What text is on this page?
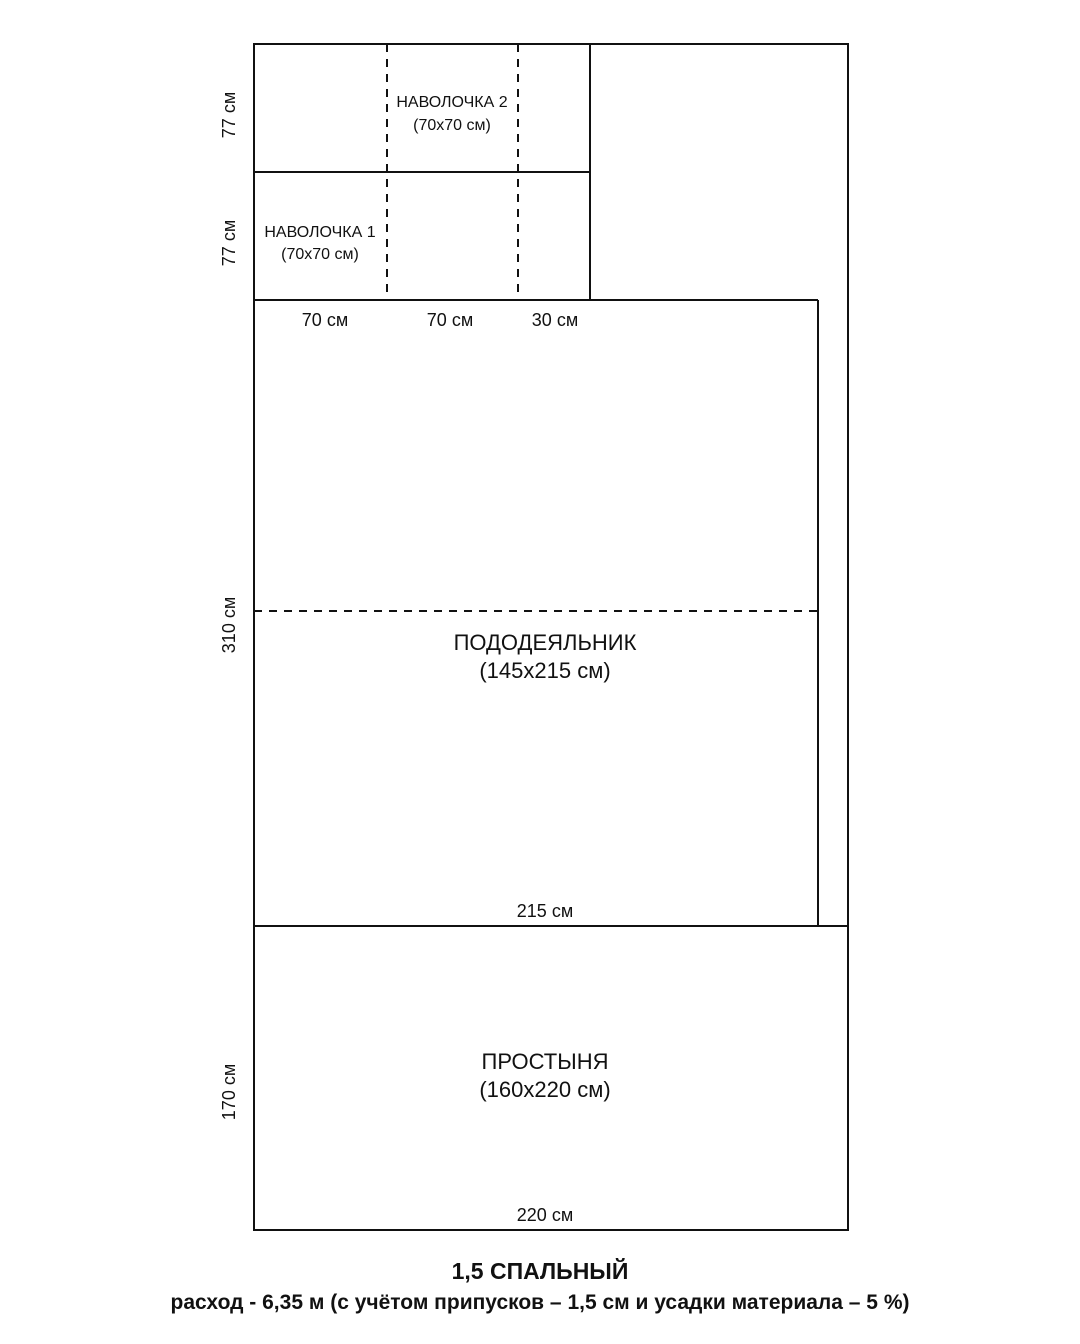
НАВОЛОЧКА 2
(70х70 см)
НАВОЛОЧКА 1
(70х70 см)
70 см	70 см	30 см
ПОДОДЕЯЛЬНИК
(145х215 см)
215 см
ПРОСТЫНЯ
(160х220 см)
220 см
77 см
77 см
310 см
170 см
1,5 СПАЛЬНЫЙ
расход - 6,35 м (с учётом припусков – 1,5 см и усадки материала – 5 %)
